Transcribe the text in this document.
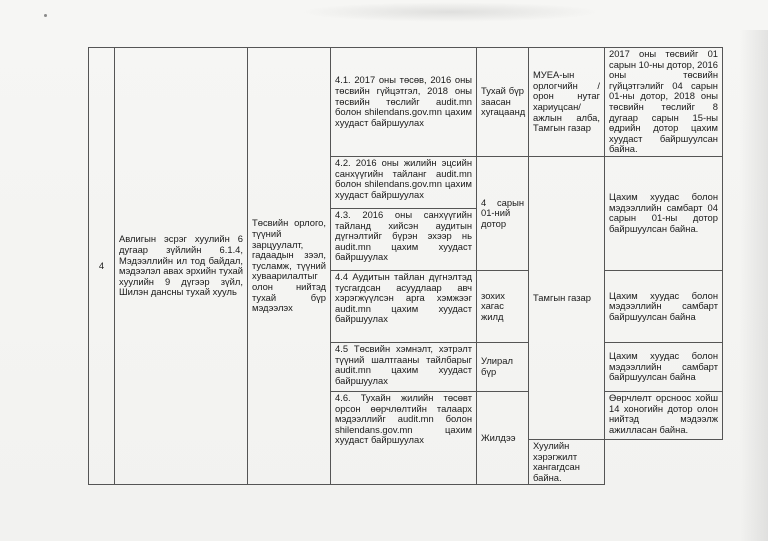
4	Авлигын эсрэг хуулийн 6 дугаар зүйлийн 6.1.4, Мэдээллийн ил тод байдал, мэдээлэл авах эрхийн тухай хуулийн 9 дүгээр зүйл, Шилэн дансны тухай хууль	Төсвийн орлого, түүний зарцуулалт, гадаадын зээл, тусламж, түүний хуваарилалтыг олон нийтэд тухай бүр мэдээлэх	4.1. 2017 оны төсөв, 2016 оны төсвийн гүйцэтгэл, 2018 оны төсвийн төслийг audit.mn болон shilendans.gov.mn цахим хуудаст байршуулах	Тухай бүр заасан хугацаанд	МУЕА-ын орлогчийн /орон нутаг хариуцсан/ ажлын алба, Тамгын газар	2017 оны төсвийг 01 сарын 10-ны дотор, 2016 оны төсвийн гүйцэтгэлийг 04 сарын 01-ны дотор, 2018 оны төсвийн төслийг 8 дугаар сарын 15-ны өдрийн дотор цахим хуудаст байршуулсан байна.
			4.2. 2016 оны жилийн эцсийн санхүүгийн тайланг audit.mn болон shilendans.gov.mn цахим хуудаст байршуулах	4 сарын 01-ний дотор	Тамгын газар	Цахим хуудас болон мэдээллийн самбарт 04 сарын 01-ны дотор байршуулсан байна.
			4.3. 2016 оны санхүүгийн тайланд хийсэн аудитын дүгнэлтийг бүрэн эхээр нь audit.mn цахим хуудаст байршуулах			
			4.4 Аудитын тайлан дүгнэлтэд тусгагдсан асуудлаар авч хэрэгжүүлсэн арга хэмжээг audit.mn цахим хуудаст байршуулах	зохих хагас жилд		Цахим хуудас болон мэдээллийн самбарт байршуулсан байна
			4.5 Төсвийн хэмнэлт, хэтрэлт түүний шалтгааны тайлбарыг audit.mn цахим хуудаст байршуулах	Улирал бүр		Цахим хуудас болон мэдээллийн самбарт байршуулсан байна
			4.6. Тухайн жилийн төсөвт орсон өөрчлөлтийн талаарх мэдээллийг audit.mn болон shilendans.gov.mn цахим хуудаст байршуулах	Жилдээ		Өөрчлөлт орсноос хойш 14 хоногийн дотор олон нийтэд мэдээлж ажилласан байна.
					Хуулийн хэрэгжилт хангагдсан байна.	
